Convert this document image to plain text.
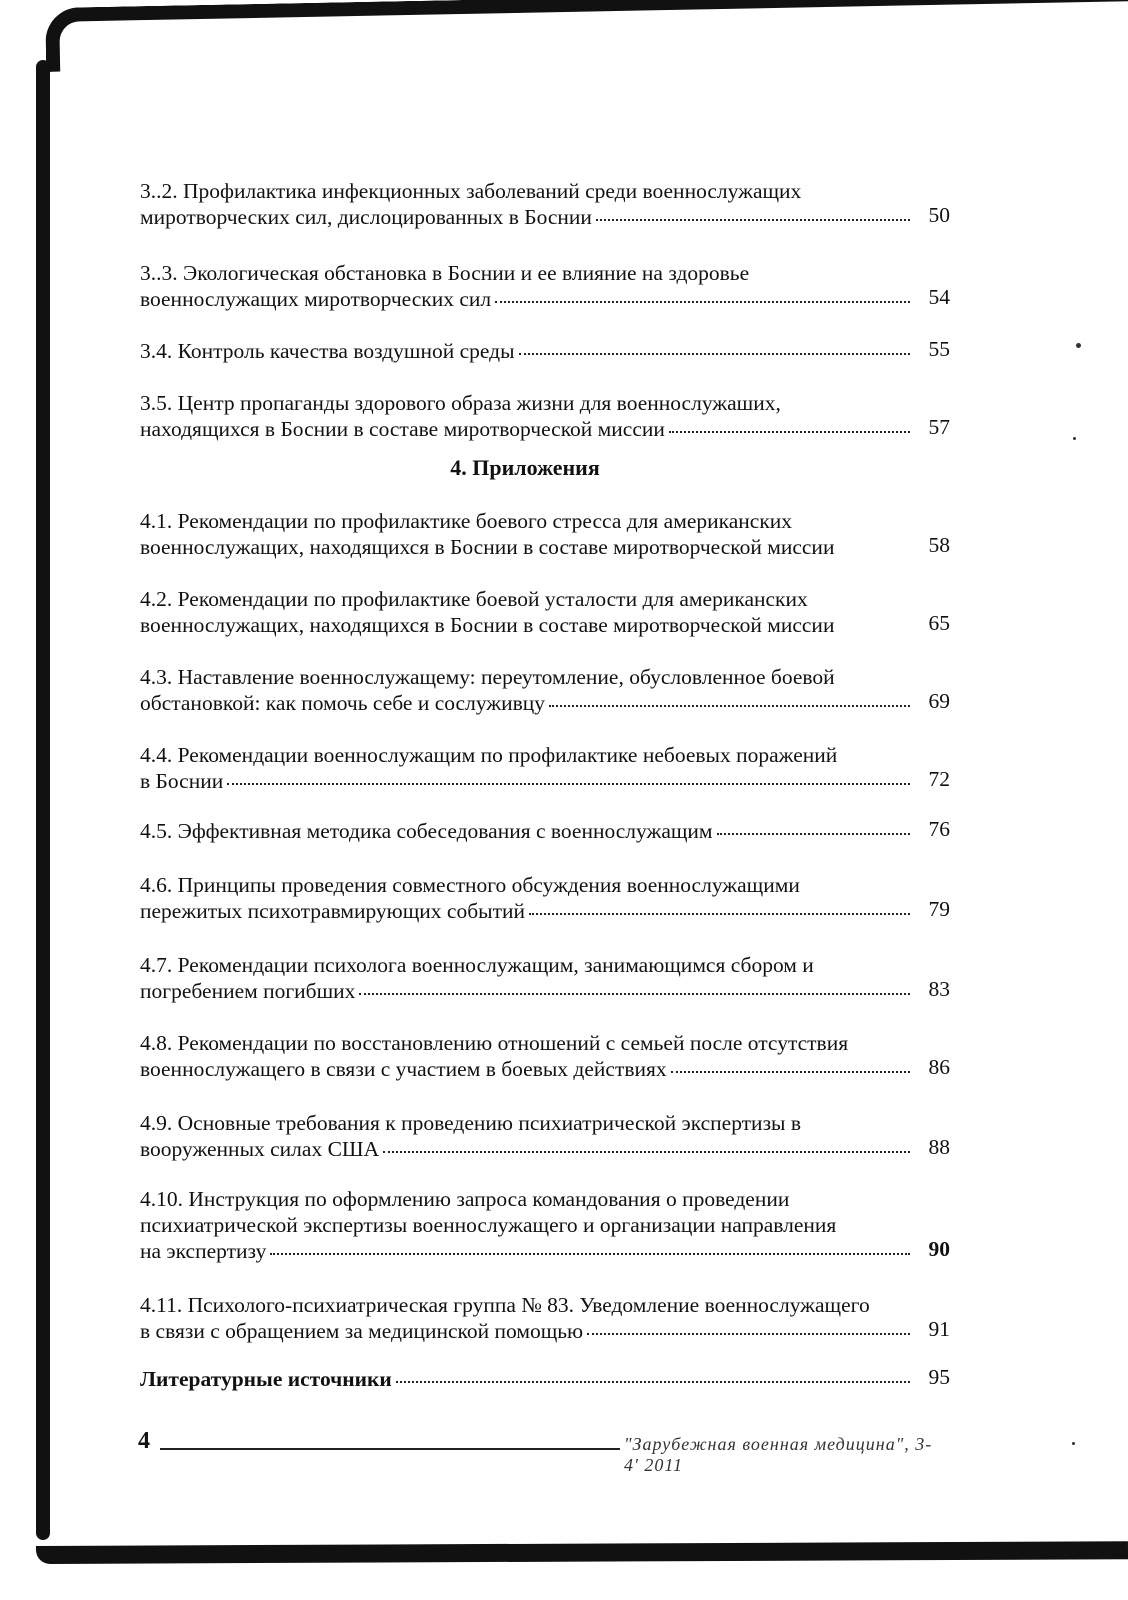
3..2. Профилактика инфекционных заболеваний среди военнослужащих
миротворческих сил, дислоцированных в Боснии	50
3..3. Экологическая обстановка в Боснии и ее влияние на здоровье
военнослужащих миротворческих сил	54
3.4. Контроль качества воздушной среды	55
3.5. Центр пропаганды здорового образа жизни для военнослужаших,
находящихся в Боснии в составе миротворческой миссии	57
4. Приложения
4.1. Рекомендации по профилактике боевого стресса для американских
военнослужащих, находящихся в Боснии в составе миротворческой миссии	58
4.2. Рекомендации по профилактике боевой усталости для американских
военнослужащих, находящихся в Боснии в составе миротворческой миссии	65
4.3. Наставление военнослужащему: переутомление, обусловленное боевой
обстановкой: как помочь себе и сослуживцу	69
4.4. Рекомендации военнослужащим по профилактике небоевых поражений
в Боснии	72
4.5. Эффективная методика собеседования с военнослужащим	76
4.6. Принципы проведения совместного обсуждения военнослужащими
пережитых психотравмирующих событий	79
4.7. Рекомендации психолога военнослужащим, занимающимся сбором и
погребением погибших	83
4.8. Рекомендации по восстановлению отношений с семьей после отсутствия
военнослужащего в связи с участием в боевых действиях	86
4.9. Основные требования к проведению психиатрической экспертизы в
вооруженных силах США	88
4.10. Инструкция по оформлению запроса командования о проведении
психиатрической экспертизы военнослужащего и организации направления
на экспертизу	90
4.11. Психолого-психиатрическая группа № 83. Уведомление военнослужащего
в связи с обращением за медицинской помощью	91
Литературные источники	95
4	"Зарубежная военная медицина", 3-4' 2011
